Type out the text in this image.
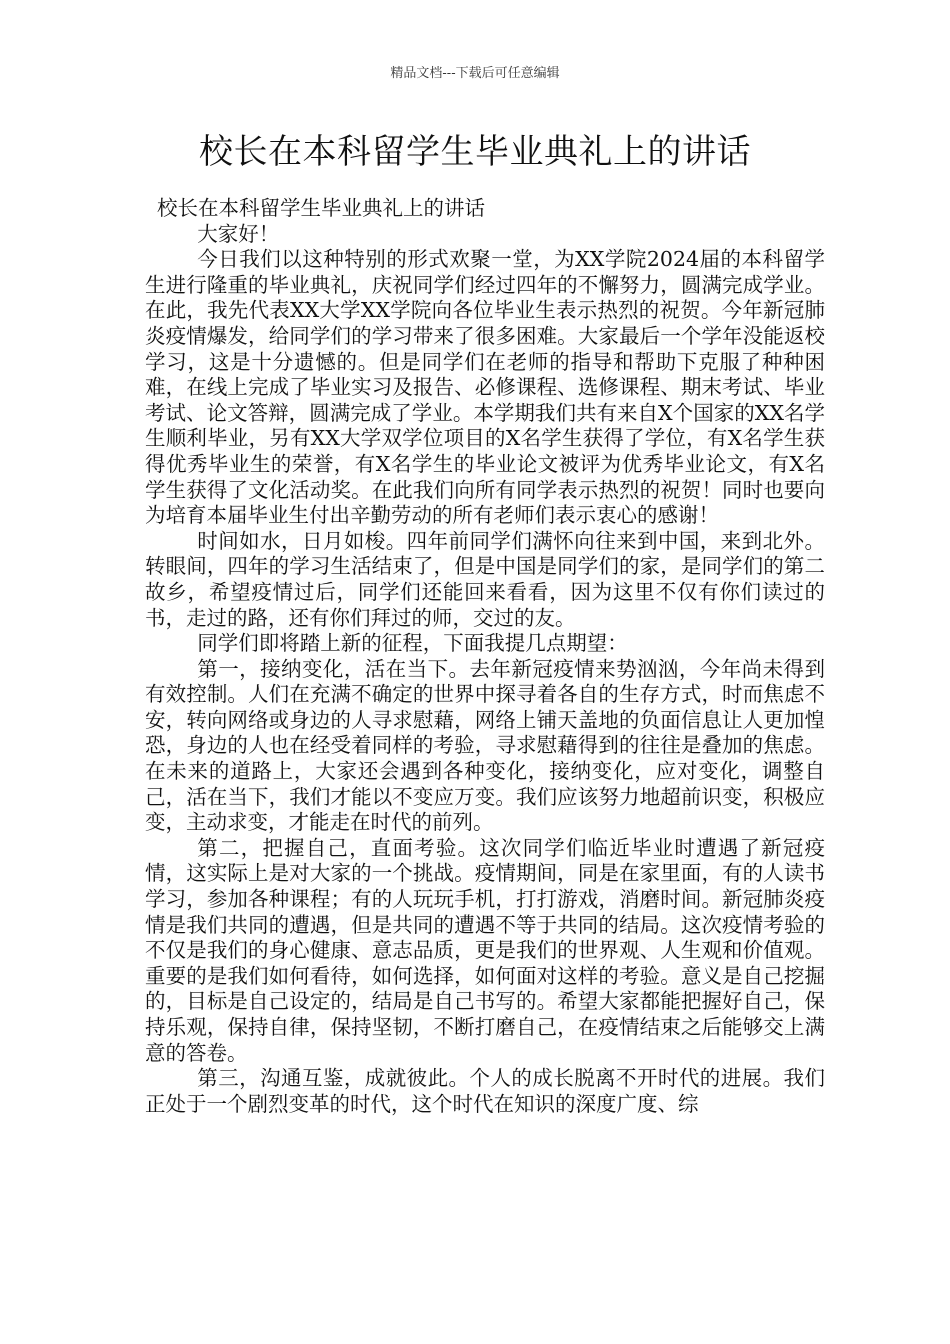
精品文档---下载后可任意编辑
校长在本科留学生毕业典礼上的讲话

校长在本科留学生毕业典礼上的讲话

大家好！

今日我们以这种特别的形式欢聚一堂，为XX学院2024届的本科留学生进行隆重的毕业典礼，庆祝同学们经过四年的不懈努力，圆满完成学业。在此，我先代表XX大学XX学院向各位毕业生表示热烈的祝贺。今年新冠肺炎疫情爆发，给同学们的学习带来了很多困难。大家最后一个学年没能返校学习，这是十分遗憾的。但是同学们在老师的指导和帮助下克服了种种困难，在线上完成了毕业实习及报告、必修课程、选修课程、期末考试、毕业考试、论文答辩，圆满完成了学业。本学期我们共有来自X个国家的XX名学生顺利毕业，另有XX大学双学位项目的X名学生获得了学位，有X名学生获得优秀毕业生的荣誉，有X名学生的毕业论文被评为优秀毕业论文，有X名学生获得了文化活动奖。在此我们向所有同学表示热烈的祝贺！同时也要向为培育本届毕业生付出辛勤劳动的所有老师们表示衷心的感谢！

时间如水，日月如梭。四年前同学们满怀向往来到中国，来到北外。转眼间，四年的学习生活结束了，但是中国是同学们的家，是同学们的第二故乡，希望疫情过后，同学们还能回来看看，因为这里不仅有你们读过的书，走过的路，还有你们拜过的师，交过的友。

同学们即将踏上新的征程，下面我提几点期望：

第一，接纳变化，活在当下。去年新冠疫情来势汹汹，今年尚未得到有效控制。人们在充满不确定的世界中探寻着各自的生存方式，时而焦虑不安，转向网络或身边的人寻求慰藉，网络上铺天盖地的负面信息让人更加惶恐，身边的人也在经受着同样的考验，寻求慰藉得到的往往是叠加的焦虑。在未来的道路上，大家还会遇到各种变化，接纳变化，应对变化，调整自己，活在当下，我们才能以不变应万变。我们应该努力地超前识变，积极应变，主动求变，才能走在时代的前列。

第二，把握自己，直面考验。这次同学们临近毕业时遭遇了新冠疫情，这实际上是对大家的一个挑战。疫情期间，同是在家里面，有的人读书学习，参加各种课程；有的人玩玩手机，打打游戏，消磨时间。新冠肺炎疫情是我们共同的遭遇，但是共同的遭遇不等于共同的结局。这次疫情考验的不仅是我们的身心健康、意志品质，更是我们的世界观、人生观和价值观。重要的是我们如何看待，如何选择，如何面对这样的考验。意义是自己挖掘的，目标是自己设定的，结局是自己书写的。希望大家都能把握好自己，保持乐观，保持自律，保持坚韧，不断打磨自己，在疫情结束之后能够交上满意的答卷。

第三，沟通互鉴，成就彼此。个人的成长脱离不开时代的进展。我们正处于一个剧烈变革的时代，这个时代在知识的深度广度、综
